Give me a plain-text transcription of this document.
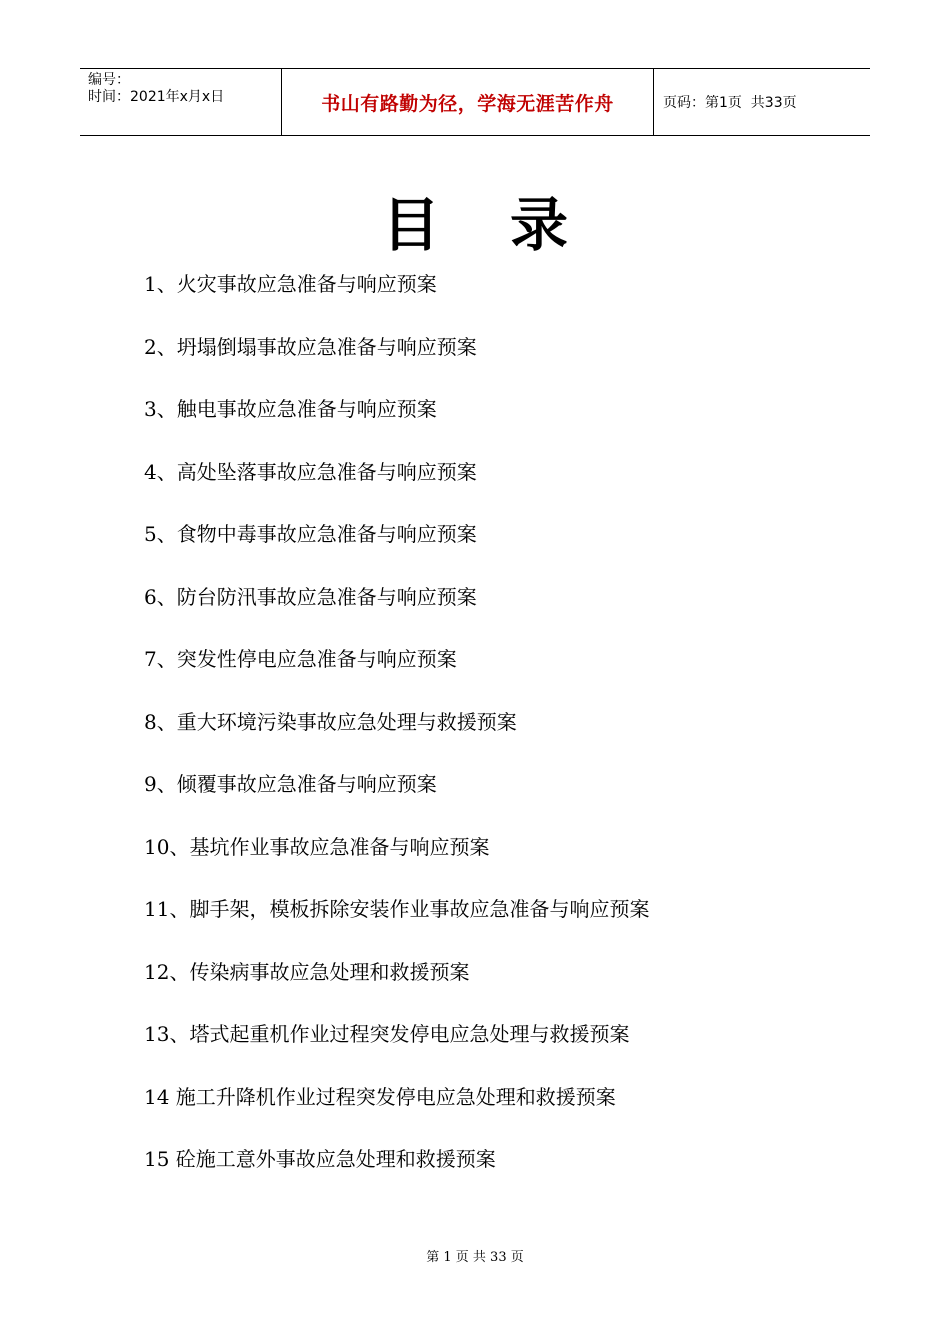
编号：
时间：2021年x月x日	书山有路勤为径，学海无涯苦作舟	页码：第1页  共33页
目录
1、火灾事故应急准备与响应预案
2、坍塌倒塌事故应急准备与响应预案
3、触电事故应急准备与响应预案
4、高处坠落事故应急准备与响应预案
5、食物中毒事故应急准备与响应预案
6、防台防汛事故应急准备与响应预案
7、突发性停电应急准备与响应预案
8、重大环境污染事故应急处理与救援预案
9、倾覆事故应急准备与响应预案
10、基坑作业事故应急准备与响应预案
11、脚手架，模板拆除安装作业事故应急准备与响应预案
12、传染病事故应急处理和救援预案
13、塔式起重机作业过程突发停电应急处理与救援预案
14 施工升降机作业过程突发停电应急处理和救援预案
15 砼施工意外事故应急处理和救援预案
第 1 页 共 33 页
